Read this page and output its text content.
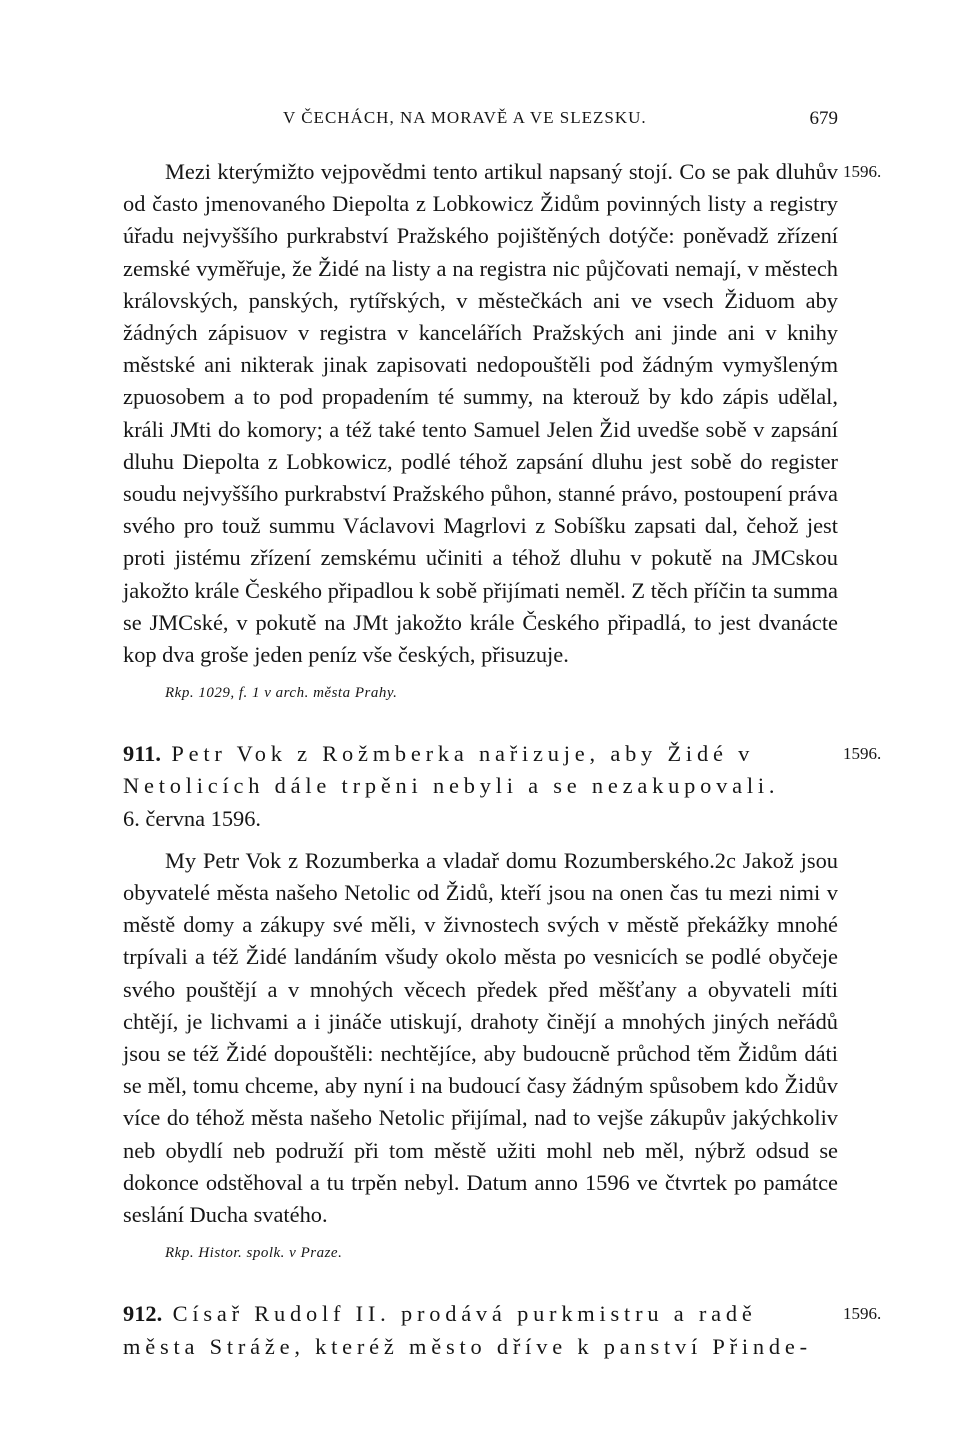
V ČECHÁCH, NA MORAVĚ A VE SLEZSKU.	679
1596.

Mezi kterýmižto vejpovědmi tento artikul napsaný stojí. Co se pak dluhův od často jmenovaného Diepolta z Lobkowicz Židům povinných listy a registry úřadu nejvyššího purkrabství Pražského pojištěných dotýče: poněvadž zřízení zemské vyměřuje, že Židé na listy a na registra nic půjčovati nemají, v městech královských, panských, rytířských, v městečkách ani ve vsech Židuom aby žádných zápisuov v registra v kancelářích Pražských ani jinde ani v knihy městské ani nikterak jinak zapisovati nedopouštěli pod žádným vymyšleným zpuosobem a to pod propadením té summy, na kterouž by kdo zápis udělal, králi JMti do komory; a též také tento Samuel Jelen Žid uvedše sobě v zapsání dluhu Diepolta z Lobkowicz, podlé téhož zapsání dluhu jest sobě do register soudu nejvyššího purkrabství Pražského půhon, stanné právo, postoupení práva svého pro touž summu Václavovi Magrlovi z Sobíšku zapsati dal, čehož jest proti jistému zřízení zemskému učiniti a téhož dluhu v pokutě na JMCskou jakožto krále Českého připadlou k sobě přijímati neměl. Z těch příčin ta summa se JMCské, v pokutě na JMt jakožto krále Českého připadlá, to jest dvanácte kop dva groše jeden peníz vše českých, přisuzuje.

Rkp. 1029, f. 1 v arch. města Prahy.
1596.

911. Petr Vok z Rožmberka nařizuje, aby Židé v Netolicích dále trpěni nebyli a se nezakupovali.

6. června 1596.

My Petr Vok z Rozumberka a vladař domu Rozumberského.2c Jakož jsou obyvatelé města našeho Netolic od Židů, kteří jsou na onen čas tu mezi nimi v městě domy a zákupy své měli, v živnostech svých v městě překážky mnohé trpívali a též Židé landáním všudy okolo města po vesnicích se podlé obyčeje svého pouštějí a v mnohých věcech předek před měšťany a obyvateli míti chtějí, je lichvami a i jináče utiskují, drahoty činějí a mnohých jiných neřádů jsou se též Židé dopouštěli: nechtějíce, aby budoucně průchod těm Židům dáti se měl, tomu chceme, aby nyní i na budoucí časy žádným spůsobem kdo Židův více do téhož města našeho Netolic přijímal, nad to vejše zákupův jakýchkoliv neb obydlí neb podruží při tom městě užiti mohl neb měl, nýbrž odsud se dokonce odstěhoval a tu trpěn nebyl. Datum anno 1596 ve čtvrtek po památce seslání Ducha svatého.

Rkp. Histor. spolk. v Praze.
1596.

912. Císař Rudolf II. prodává purkmistru a radě města Stráže, kteréž město dříve k panství Přinde-
